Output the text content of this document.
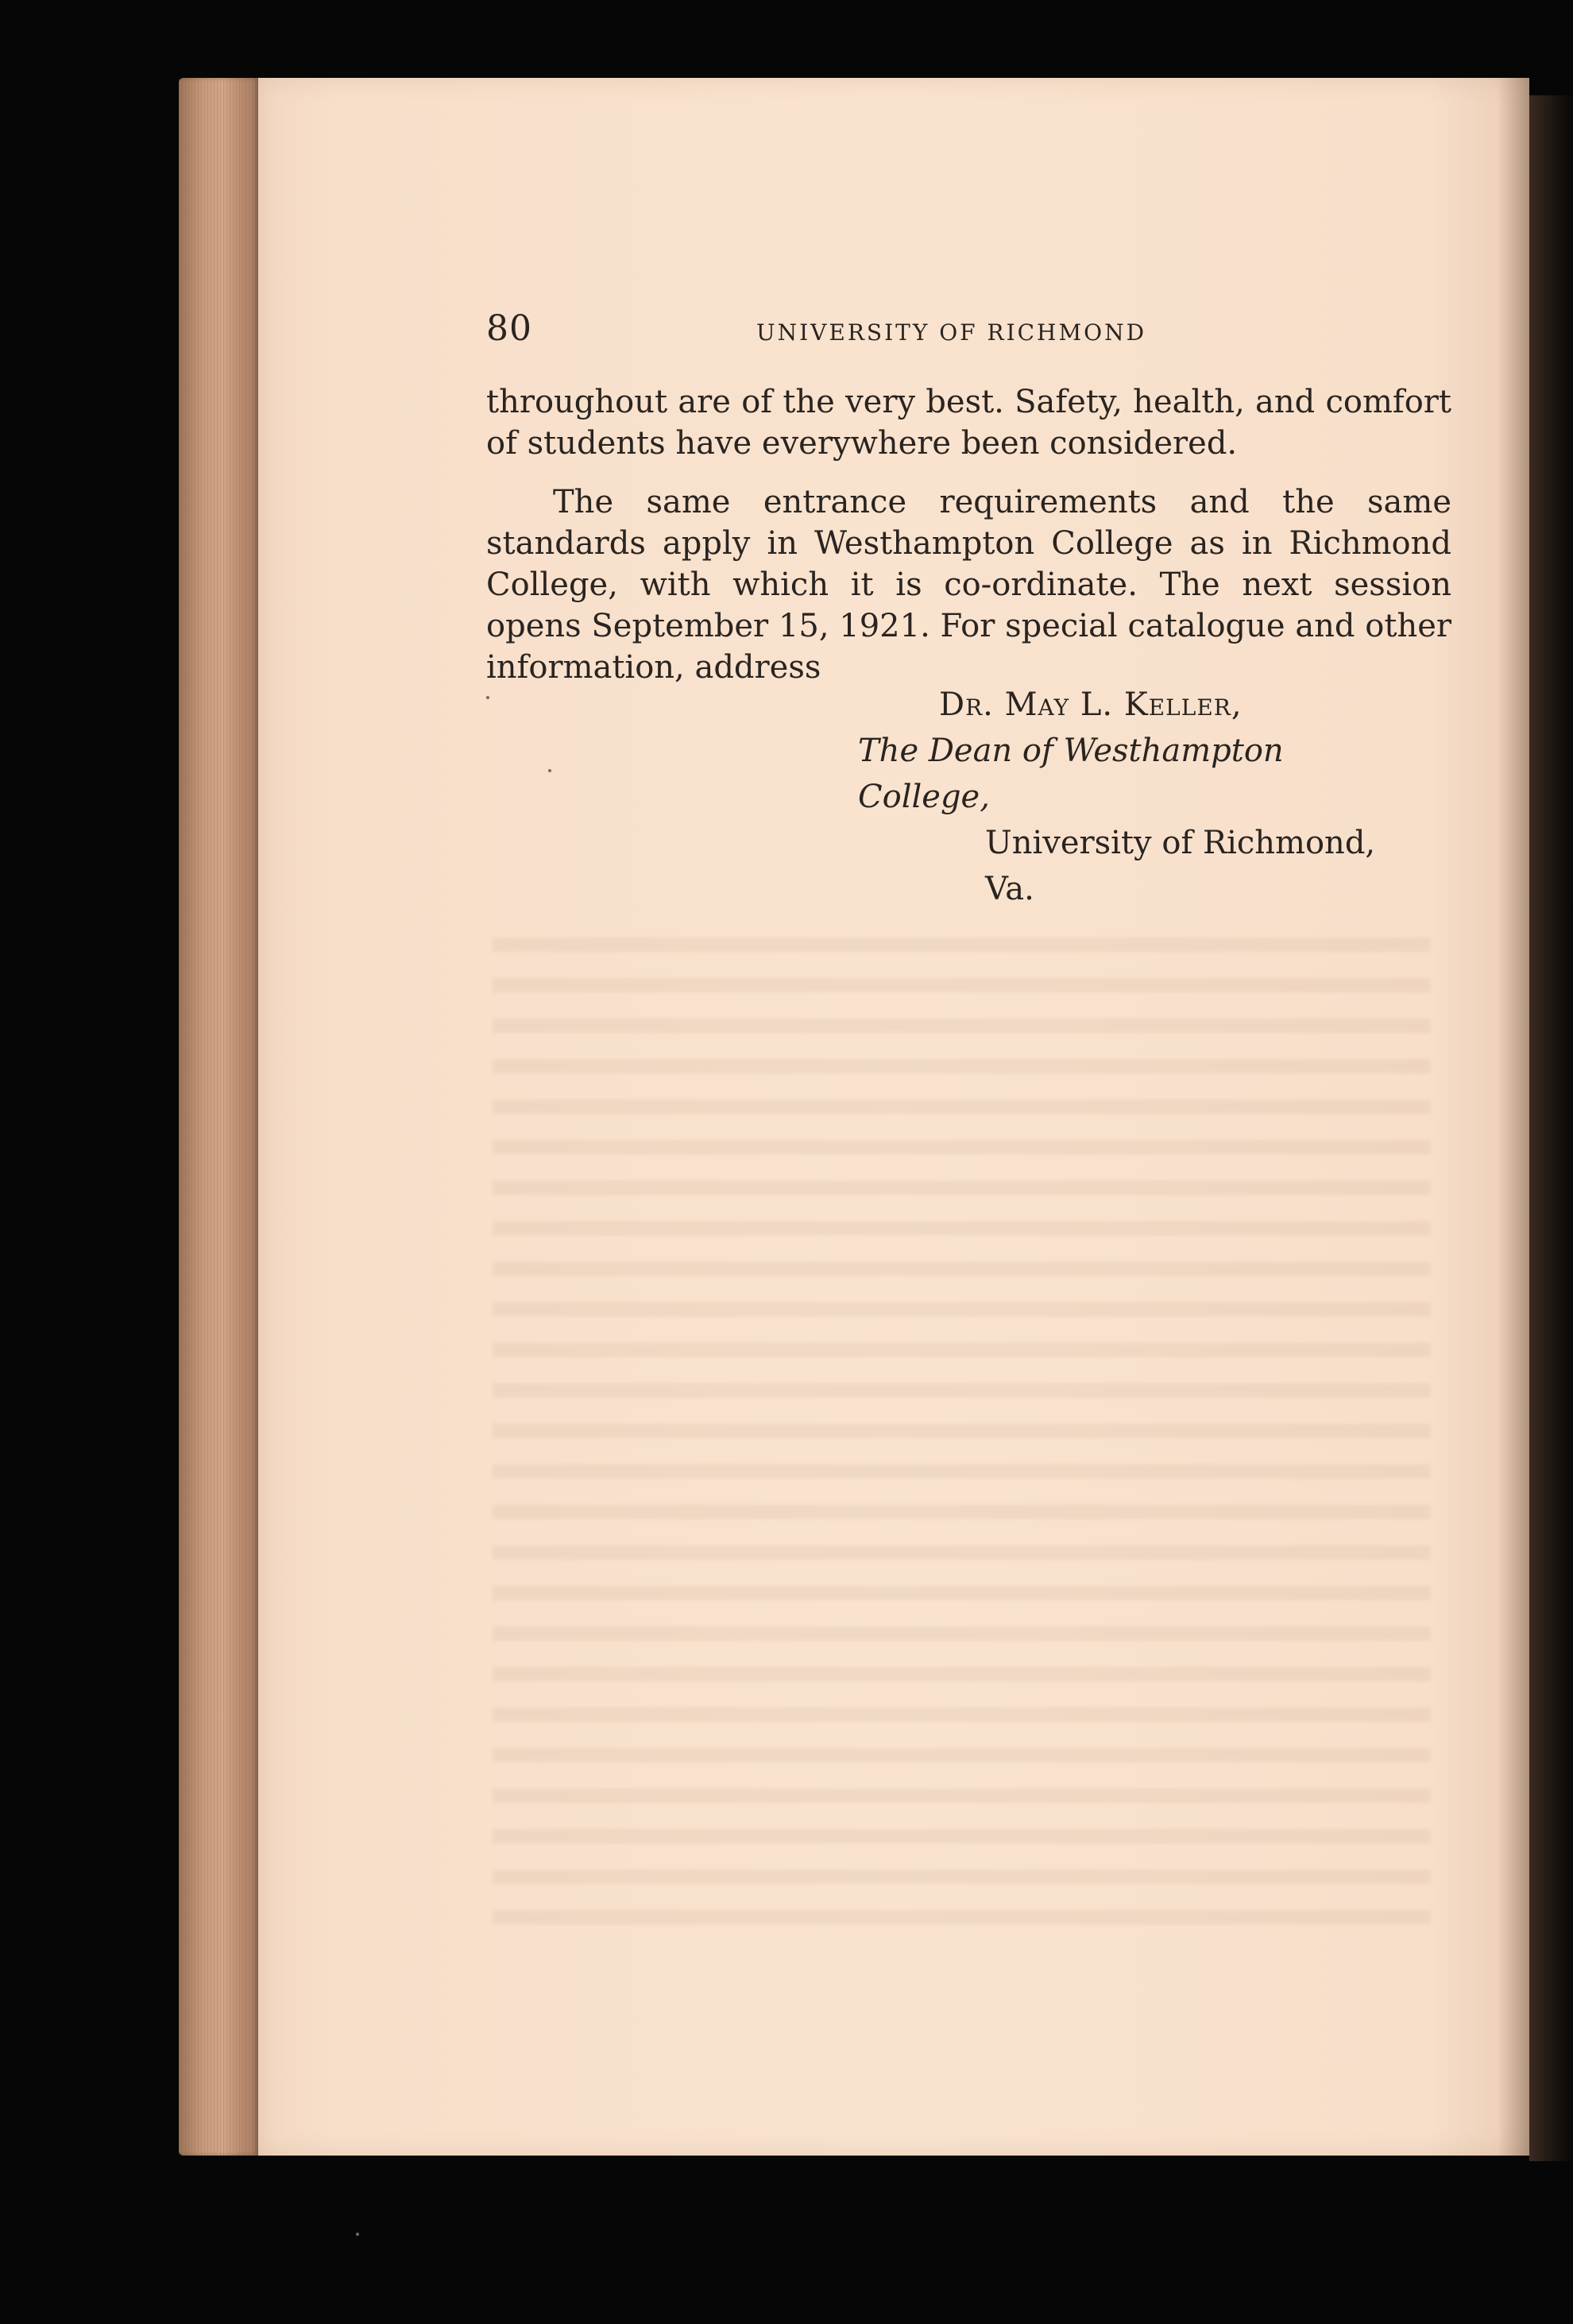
80	UNIVERSITY OF RICHMOND

throughout are of the very best. Safety, health, and comfort of students have everywhere been considered.

The same entrance requirements and the same standards apply in Westhampton College as in Richmond College, with which it is co-ordinate. The next session opens September 15, 1921. For special catalogue and other information, address

Dr. May L. Keller,
The Dean of Westhampton College,
University of Richmond, Va.
